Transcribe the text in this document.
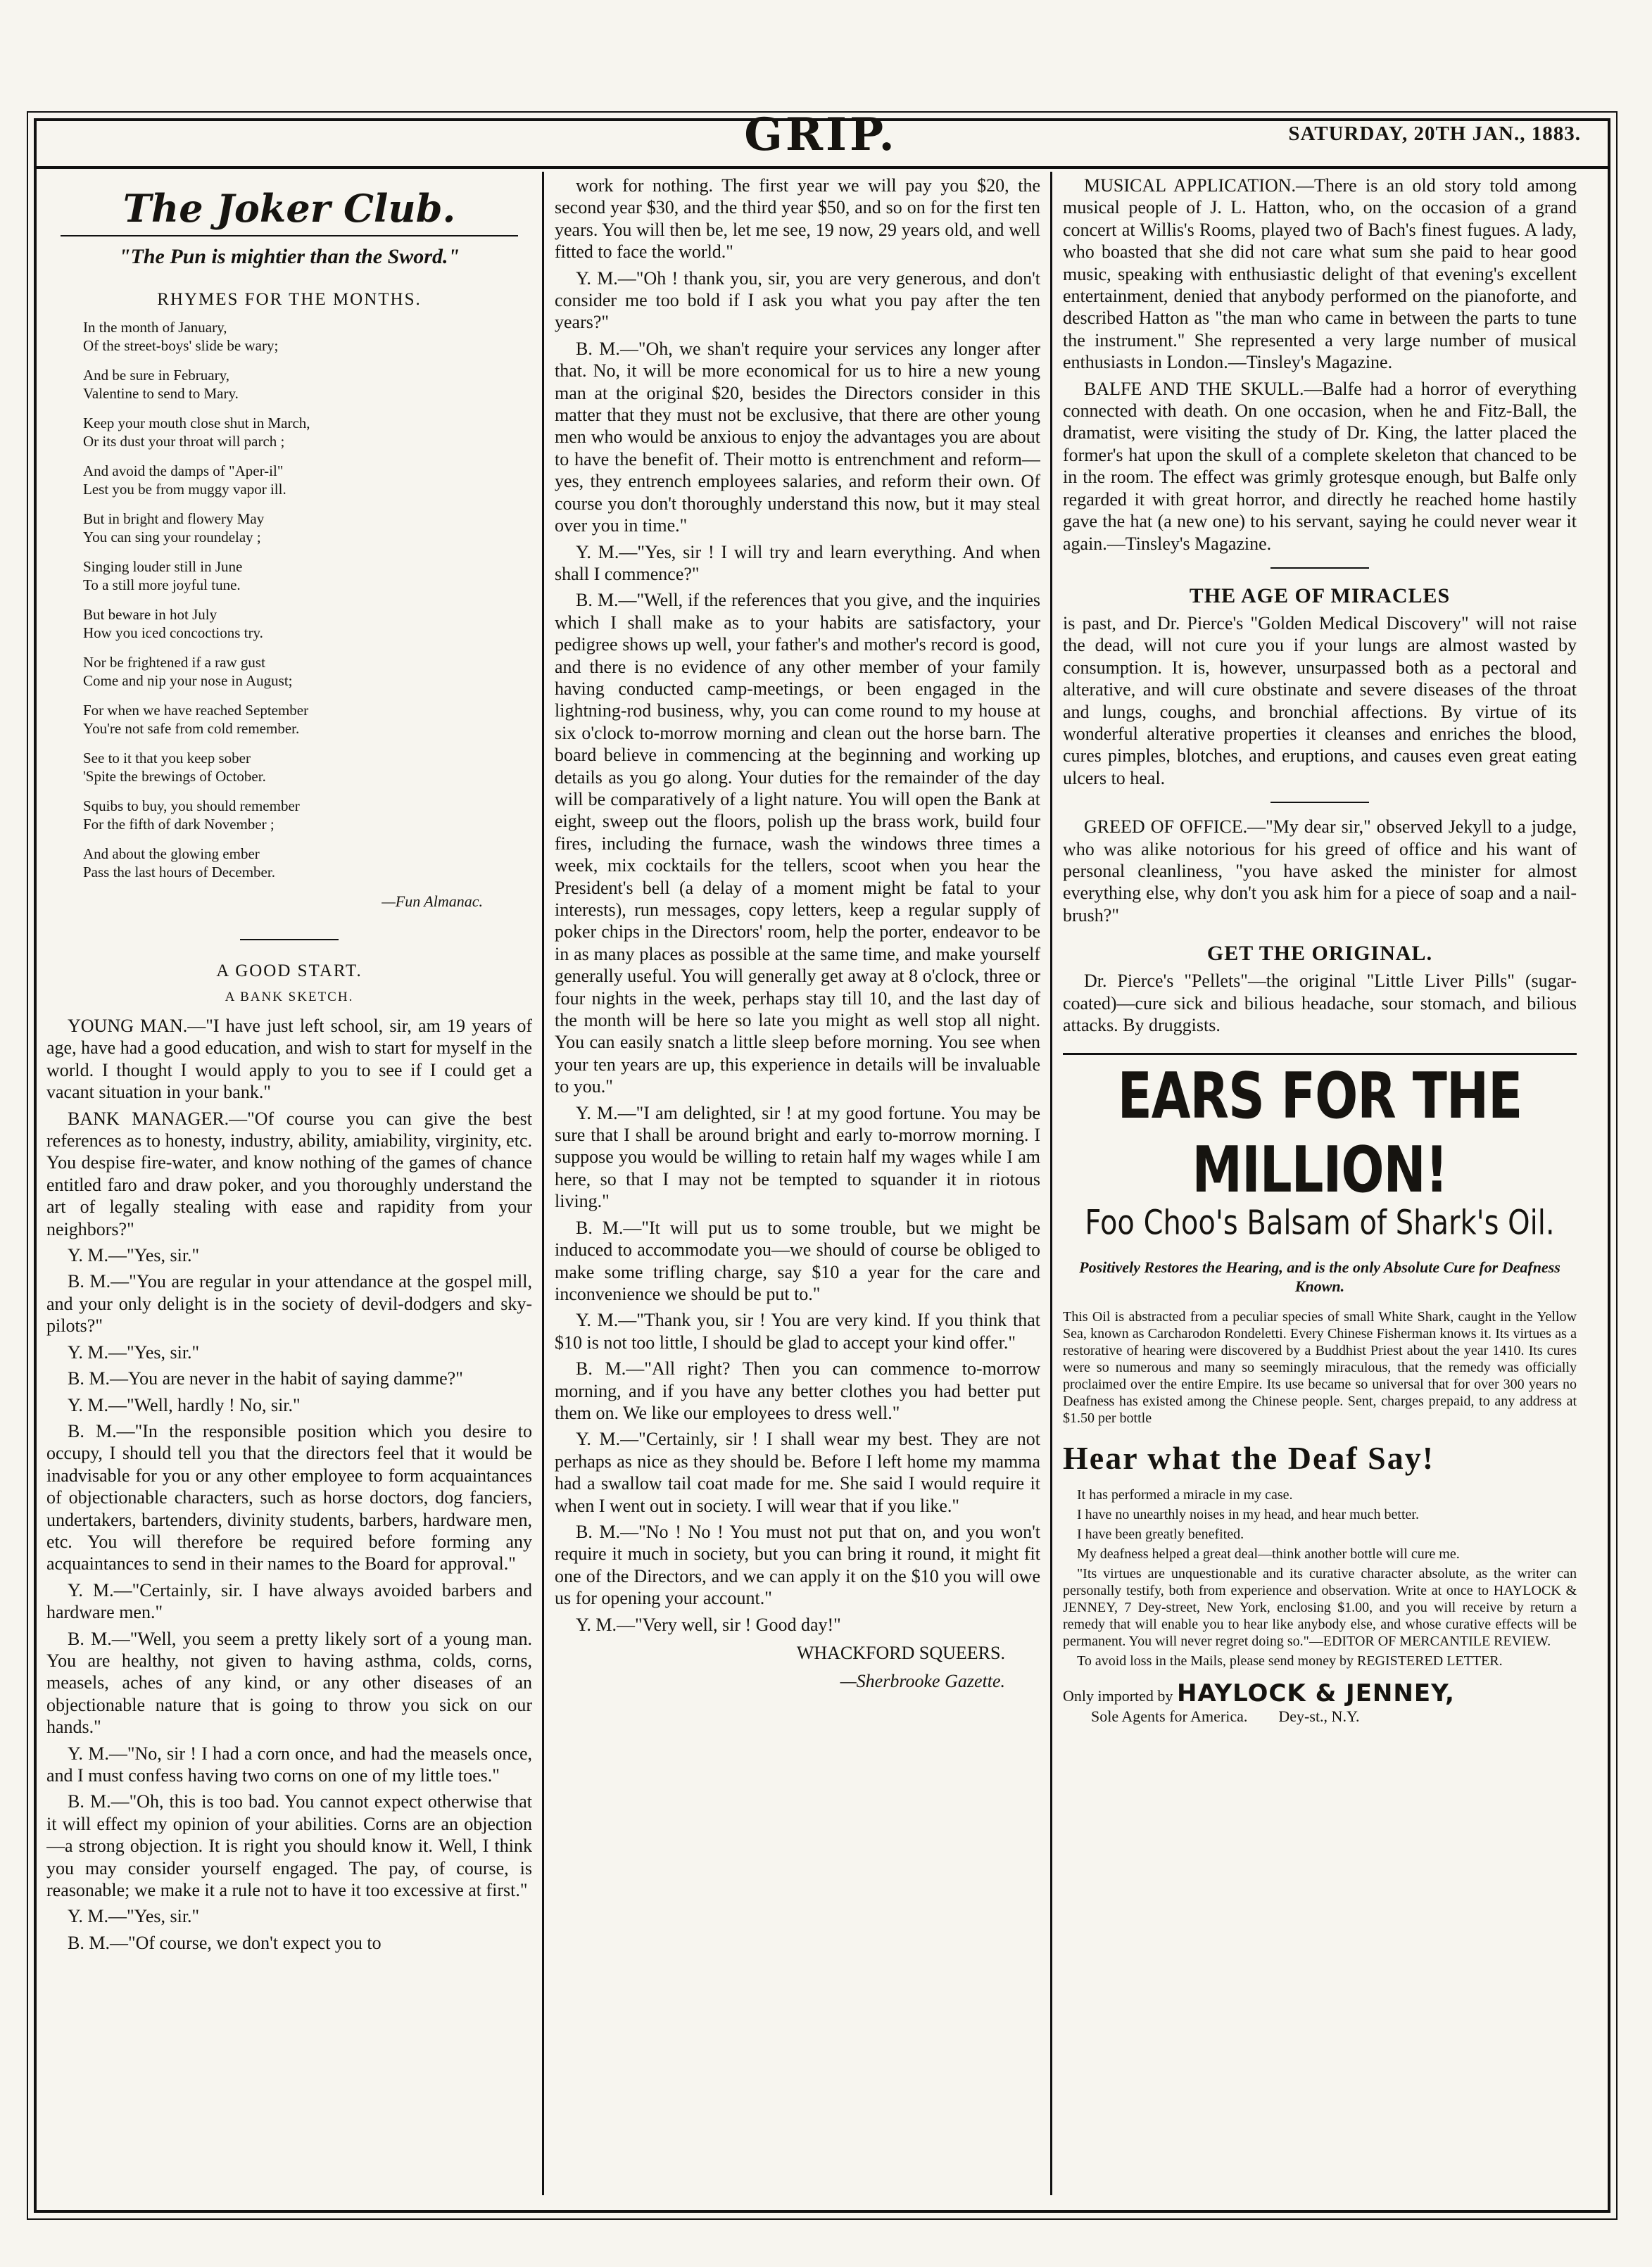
GRIP.	SATURDAY, 20TH JAN., 1883.
The Joker Club.
"The Pun is mightier than the Sword."
RHYMES FOR THE MONTHS.
In the month of January,
Of the street-boys' slide be wary;
And be sure in February,
Valentine to send to Mary.
Keep your mouth close shut in March,
Or its dust your throat will parch ;
And avoid the damps of "Aper-il"
Lest you be from muggy vapor ill.
But in bright and flowery May
You can sing your roundelay ;
Singing louder still in June
To a still more joyful tune.
But beware in hot July
How you iced concoctions try.
Nor be frightened if a raw gust
Come and nip your nose in August;
For when we have reached September
You're not safe from cold remember.
See to it that you keep sober
'Spite the brewings of October.
Squibs to buy, you should remember
For the fifth of dark November ;
And about the glowing ember
Pass the last hours of December.
—Fun Almanac.
A GOOD START.
A BANK SKETCH.

YOUNG MAN.—"I have just left school, sir, am 19 years of age, have had a good education, and wish to start for myself in the world. I thought I would apply to you to see if I could get a vacant situation in your bank."

BANK MANAGER.—"Of course you can give the best references as to honesty, industry, ability, amiability, virginity, etc. You despise fire-water, and know nothing of the games of chance entitled faro and draw poker, and you thoroughly understand the art of legally stealing with ease and rapidity from your neighbors?"

Y. M.—"Yes, sir."

B. M.—"You are regular in your attendance at the gospel mill, and your only delight is in the society of devil-dodgers and sky-pilots?"

Y. M.—"Yes, sir."

B. M.—You are never in the habit of saying damme?"

Y. M.—"Well, hardly ! No, sir."

B. M.—"In the responsible position which you desire to occupy, I should tell you that the directors feel that it would be inadvisable for you or any other employee to form acquaintances of objectionable characters, such as horse doctors, dog fanciers, undertakers, bartenders, divinity students, barbers, hardware men, etc. You will therefore be required before forming any acquaintances to send in their names to the Board for approval."

Y. M.—"Certainly, sir. I have always avoided barbers and hardware men."

B. M.—"Well, you seem a pretty likely sort of a young man. You are healthy, not given to having asthma, colds, corns, measels, aches of any kind, or any other diseases of an objectionable nature that is going to throw you sick on our hands."

Y. M.—"No, sir ! I had a corn once, and had the measels once, and I must confess having two corns on one of my little toes."

B. M.—"Oh, this is too bad. You cannot expect otherwise that it will effect my opinion of your abilities. Corns are an objection—a strong objection. It is right you should know it. Well, I think you may consider yourself engaged. The pay, of course, is reasonable; we make it a rule not to have it too excessive at first."

Y. M.—"Yes, sir."

B. M.—"Of course, we don't expect you to

work for nothing. The first year we will pay you $20, the second year $30, and the third year $50, and so on for the first ten years. You will then be, let me see, 19 now, 29 years old, and well fitted to face the world."

Y. M.—"Oh ! thank you, sir, you are very generous, and don't consider me too bold if I ask you what you pay after the ten years?"

B. M.—"Oh, we shan't require your services any longer after that. No, it will be more economical for us to hire a new young man at the original $20, besides the Directors consider in this matter that they must not be exclusive, that there are other young men who would be anxious to enjoy the advantages you are about to have the benefit of. Their motto is entrenchment and reform—yes, they entrench employees salaries, and reform their own. Of course you don't thoroughly understand this now, but it may steal over you in time."

Y. M.—"Yes, sir ! I will try and learn everything. And when shall I commence?"

B. M.—"Well, if the references that you give, and the inquiries which I shall make as to your habits are satisfactory, your pedigree shows up well, your father's and mother's record is good, and there is no evidence of any other member of your family having conducted camp-meetings, or been engaged in the lightning-rod business, why, you can come round to my house at six o'clock to-morrow morning and clean out the horse barn. The board believe in commencing at the beginning and working up details as you go along. Your duties for the remainder of the day will be comparatively of a light nature. You will open the Bank at eight, sweep out the floors, polish up the brass work, build four fires, including the furnace, wash the windows three times a week, mix cocktails for the tellers, scoot when you hear the President's bell (a delay of a moment might be fatal to your interests), run messages, copy letters, keep a regular supply of poker chips in the Directors' room, help the porter, endeavor to be in as many places as possible at the same time, and make yourself generally useful. You will generally get away at 8 o'clock, three or four nights in the week, perhaps stay till 10, and the last day of the month will be here so late you might as well stop all night. You can easily snatch a little sleep before morning. You see when your ten years are up, this experience in details will be invaluable to you."

Y. M.—"I am delighted, sir ! at my good fortune. You may be sure that I shall be around bright and early to-morrow morning. I suppose you would be willing to retain half my wages while I am here, so that I may not be tempted to squander it in riotous living."

B. M.—"It will put us to some trouble, but we might be induced to accommodate you—we should of course be obliged to make some trifling charge, say $10 a year for the care and inconvenience we should be put to."

Y. M.—"Thank you, sir ! You are very kind. If you think that $10 is not too little, I should be glad to accept your kind offer."

B. M.—"All right? Then you can commence to-morrow morning, and if you have any better clothes you had better put them on. We like our employees to dress well."

Y. M.—"Certainly, sir ! I shall wear my best. They are not perhaps as nice as they should be. Before I left home my mamma had a swallow tail coat made for me. She said I would require it when I went out in society. I will wear that if you like."

B. M.—"No ! No ! You must not put that on, and you won't require it much in society, but you can bring it round, it might fit one of the Directors, and we can apply it on the $10 you will owe us for opening your account."

Y. M.—"Very well, sir ! Good day!"

WHACKFORD SQUEERS.
—Sherbrooke Gazette.

MUSICAL APPLICATION.—There is an old story told among musical people of J. L. Hatton, who, on the occasion of a grand concert at Willis's Rooms, played two of Bach's finest fugues. A lady, who boasted that she did not care what sum she paid to hear good music, speaking with enthusiastic delight of that evening's excellent entertainment, denied that anybody performed on the pianoforte, and described Hatton as "the man who came in between the parts to tune the instrument." She represented a very large number of musical enthusiasts in London.—Tinsley's Magazine.

BALFE AND THE SKULL.—Balfe had a horror of everything connected with death. On one occasion, when he and Fitz-Ball, the dramatist, were visiting the study of Dr. King, the latter placed the former's hat upon the skull of a complete skeleton that chanced to be in the room. The effect was grimly grotesque enough, but Balfe only regarded it with great horror, and directly he reached home hastily gave the hat (a new one) to his servant, saying he could never wear it again.—Tinsley's Magazine.

THE AGE OF MIRACLES

is past, and Dr. Pierce's "Golden Medical Discovery" will not raise the dead, will not cure you if your lungs are almost wasted by consumption. It is, however, unsurpassed both as a pectoral and alterative, and will cure obstinate and severe diseases of the throat and lungs, coughs, and bronchial affections. By virtue of its wonderful alterative properties it cleanses and enriches the blood, cures pimples, blotches, and eruptions, and causes even great eating ulcers to heal.

GREED OF OFFICE.—"My dear sir," observed Jekyll to a judge, who was alike notorious for his greed of office and his want of personal cleanliness, "you have asked the minister for almost everything else, why don't you ask him for a piece of soap and a nail-brush?"

GET THE ORIGINAL.

Dr. Pierce's "Pellets"—the original "Little Liver Pills" (sugar-coated)—cure sick and bilious headache, sour stomach, and bilious attacks. By druggists.

EARS FOR THE MILLION!
Foo Choo's Balsam of Shark's Oil.
Positively Restores the Hearing, and is the only Absolute Cure for Deafness Known.
This Oil is abstracted from a peculiar species of small White Shark, caught in the Yellow Sea, known as Carcharodon Rondeletti. Every Chinese Fisherman knows it. Its virtues as a restorative of hearing were discovered by a Buddhist Priest about the year 1410. Its cures were so numerous and many so seemingly miraculous, that the remedy was officially proclaimed over the entire Empire. Its use became so universal that for over 300 years no Deafness has existed among the Chinese people. Sent, charges prepaid, to any address at $1.50 per bottle
Hear what the Deaf Say!
It has performed a miracle in my case.
I have no unearthly noises in my head, and hear much better.
I have been greatly benefited.
My deafness helped a great deal—think another bottle will cure me.
"Its virtues are unquestionable and its curative character absolute, as the writer can personally testify, both from experience and observation. Write at once to HAYLOCK & JENNEY, 7 Dey-street, New York, enclosing $1.00, and you will receive by return a remedy that will enable you to hear like anybody else, and whose curative effects will be permanent. You will never regret doing so."—EDITOR OF MERCANTILE REVIEW.
To avoid loss in the Mails, please send money by REGISTERED LETTER.
Only imported by HAYLOCK & JENNEY,
Sole Agents for America. Dey-st., N.Y.
